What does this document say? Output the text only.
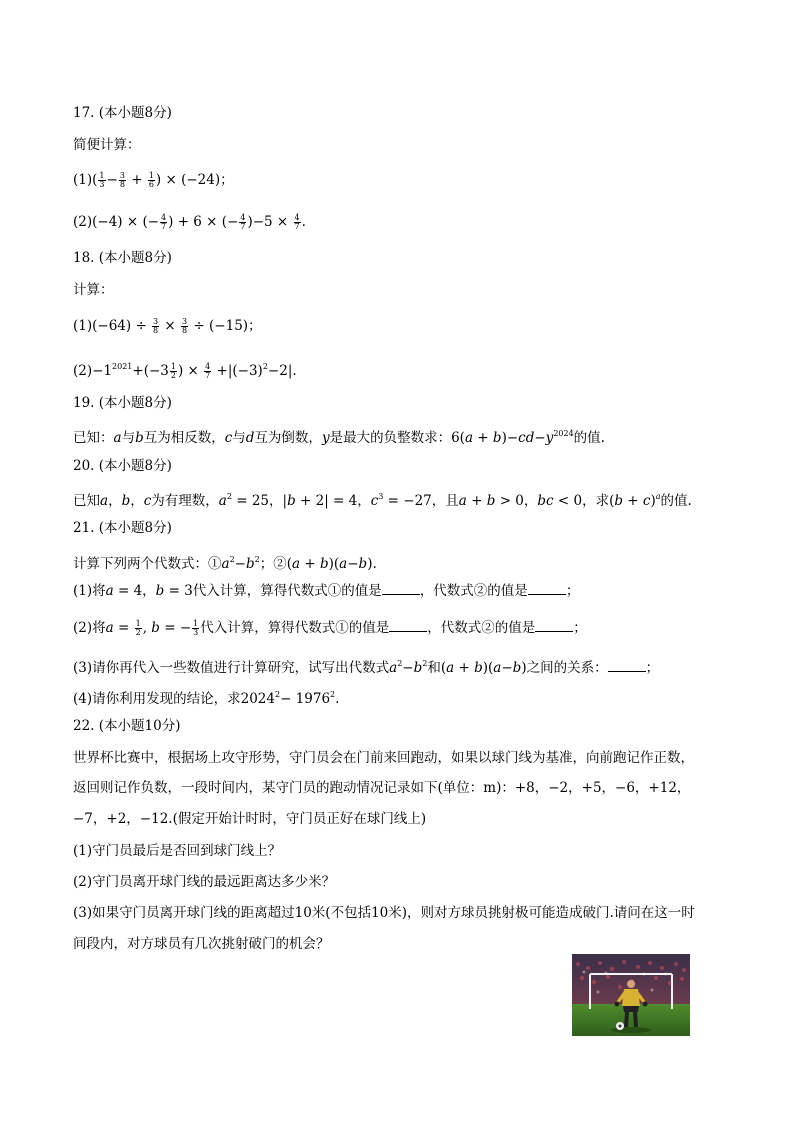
17. (本小题8分)
简便计算：
$(1)( \frac{1}{3} - \frac{3}{8} + \frac{1}{6}$ ) × (−24)；
(2)(−4) × (− $\frac{4}{7}$ ) + 6 × (− $\frac{4}{7} )-5 \times \frac{4}{7}$ .
18. (本小题8分)
计算：
$(1)(-64) \div \frac{3}{8} \times \frac{3}{8} \div (-15)$；
$(2)-1^{2021}+(-3 \frac{1}{2}$ ) × $\frac{4}{7} +|(-3)^2-2|$.
19. (本小题8分)
已知：a与b互为相反数，c与d互为倒数，y是最大的负整数求：$6(a + b)-cd-y^{2024}$的值.
20. (本小题8分)
已知a，b，c为有理数，$a^2 = 25$，|b + 2| = 4，$c^3 = -27$，且a + b > 0，bc < 0，求$(b + c)^a$的值.
21. (本小题8分)
计算下列两个代数式：$①a^2-b^2$；②(a + b)(a−b).
(1)将a = 4，b = 3代入计算，算得代数式①的值是	，代数式②的值是	；
(2)将$a = \frac{1}{2}$ , b = − $\frac{1}{3}$ 代入计算，算得代数式①的值是	，代数式②的值是	；
(3)请你再代入一些数值进行计算研究，试写出代数式$a^2-b^2$和(a + b)(a−b)之间的关系：	；
(4)请你利用发现的结论，求$2024^2- 1976^2$.
22. (本小题10分)
世界杯比赛中，根据场上攻守形势，守门员会在门前来回跑动，如果以球门线为基准，向前跑记作正数，
返回则记作负数，一段时间内，某守门员的跑动情况记录如下(单位：m)：+8，−2，+5，−6，+12，
−7，+2，−12.(假定开始计时时，守门员正好在球门线上)
(1)守门员最后是否回到球门线上？
(2)守门员离开球门线的最远距离达多少米？
(3)如果守门员离开球门线的距离超过10米(不包括10米)，则对方球员挑射极可能造成破门.请问在这一时
间段内，对方球员有几次挑射破门的机会？
